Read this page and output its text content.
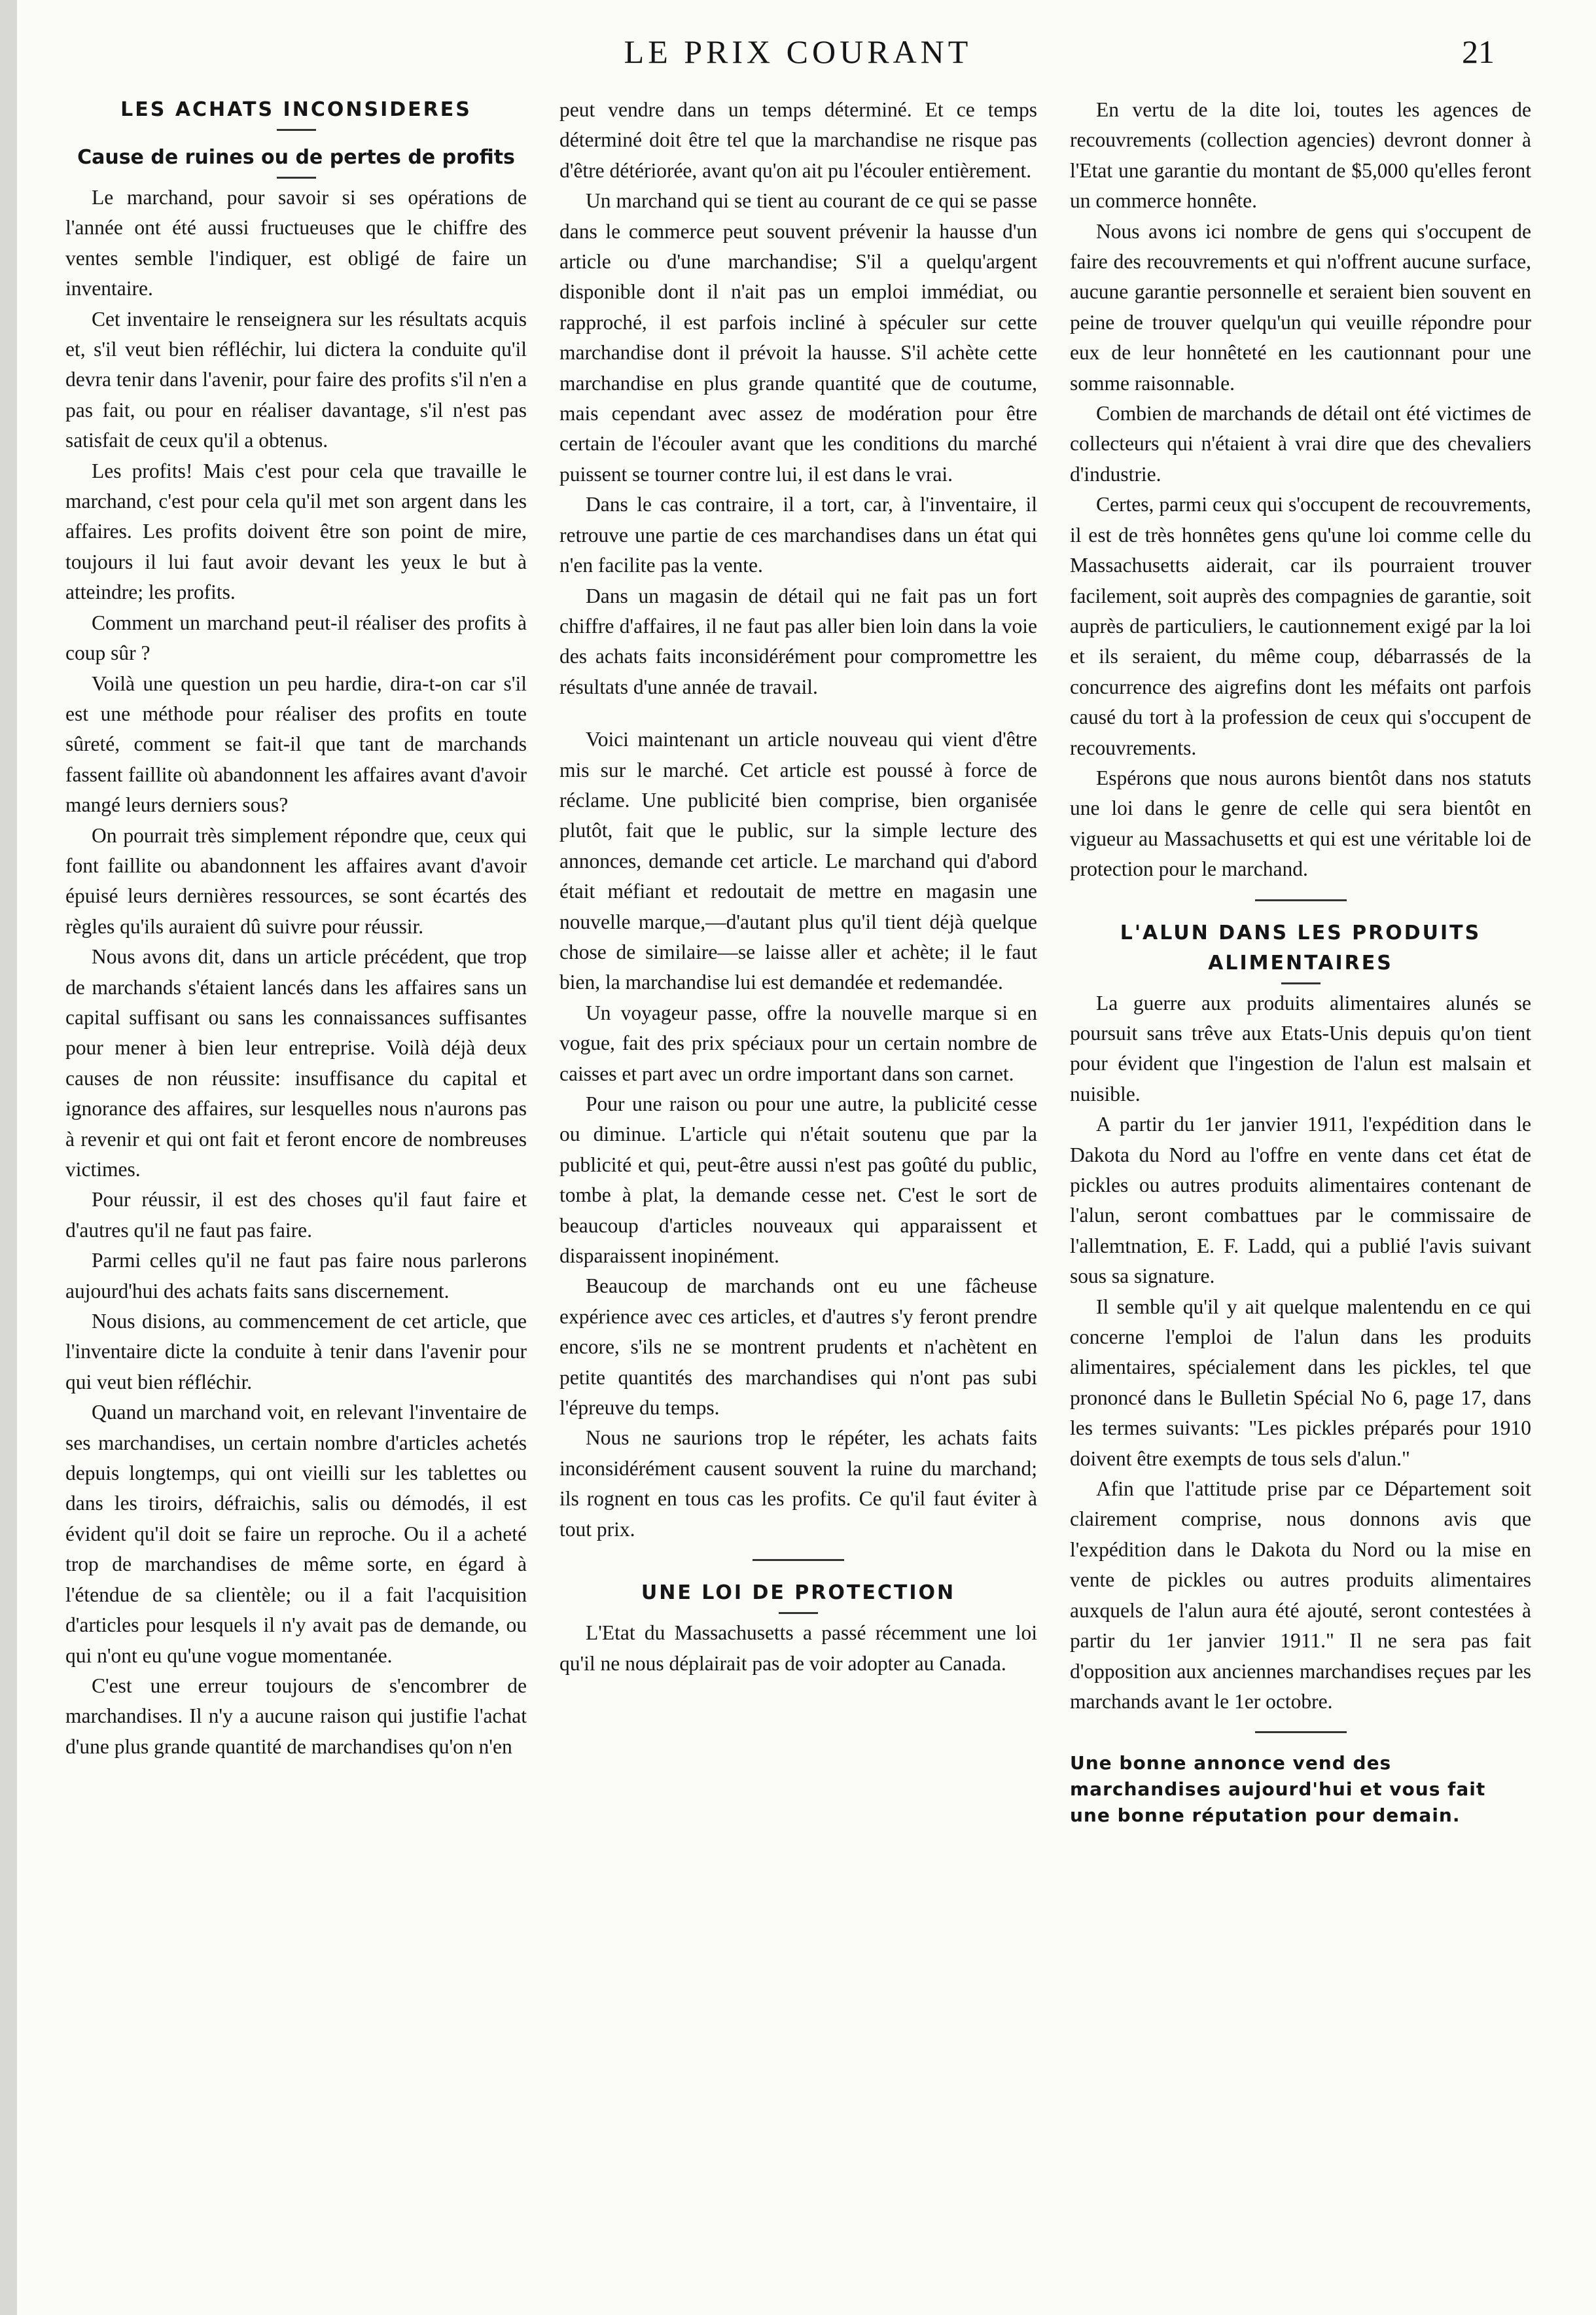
LE PRIX COURANT	21
LES ACHATS INCONSIDERES
Cause de ruines ou de pertes de profits

Le marchand, pour savoir si ses opérations de l'année ont été aussi fructueuses que le chiffre des ventes semble l'indiquer, est obligé de faire un inventaire.

Cet inventaire le renseignera sur les résultats acquis et, s'il veut bien réfléchir, lui dictera la conduite qu'il devra tenir dans l'avenir, pour faire des profits s'il n'en a pas fait, ou pour en réaliser davantage, s'il n'est pas satisfait de ceux qu'il a obtenus.

Les profits! Mais c'est pour cela que travaille le marchand, c'est pour cela qu'il met son argent dans les affaires. Les profits doivent être son point de mire, toujours il lui faut avoir devant les yeux le but à atteindre; les profits.

Comment un marchand peut-il réaliser des profits à coup sûr ?

Voilà une question un peu hardie, dira-t-on car s'il est une méthode pour réaliser des profits en toute sûreté, comment se fait-il que tant de marchands fassent faillite où abandonnent les affaires avant d'avoir mangé leurs derniers sous?

On pourrait très simplement répondre que, ceux qui font faillite ou abandonnent les affaires avant d'avoir épuisé leurs dernières ressources, se sont écartés des règles qu'ils auraient dû suivre pour réussir.

Nous avons dit, dans un article précédent, que trop de marchands s'étaient lancés dans les affaires sans un capital suffisant ou sans les connaissances suffisantes pour mener à bien leur entreprise. Voilà déjà deux causes de non réussite: insuffisance du capital et ignorance des affaires, sur lesquelles nous n'aurons pas à revenir et qui ont fait et feront encore de nombreuses victimes.

Pour réussir, il est des choses qu'il faut faire et d'autres qu'il ne faut pas faire.

Parmi celles qu'il ne faut pas faire nous parlerons aujourd'hui des achats faits sans discernement.

Nous disions, au commencement de cet article, que l'inventaire dicte la conduite à tenir dans l'avenir pour qui veut bien réfléchir.

Quand un marchand voit, en relevant l'inventaire de ses marchandises, un certain nombre d'articles achetés depuis longtemps, qui ont vieilli sur les tablettes ou dans les tiroirs, défraichis, salis ou démodés, il est évident qu'il doit se faire un reproche. Ou il a acheté trop de marchandises de même sorte, en égard à l'étendue de sa clientèle; ou il a fait l'acquisition d'articles pour lesquels il n'y avait pas de demande, ou qui n'ont eu qu'une vogue momentanée.

C'est une erreur toujours de s'encombrer de marchandises. Il n'y a aucune raison qui justifie l'achat d'une plus grande quantité de marchandises qu'on n'en

peut vendre dans un temps déterminé. Et ce temps déterminé doit être tel que la marchandise ne risque pas d'être détériorée, avant qu'on ait pu l'écouler entièrement.

Un marchand qui se tient au courant de ce qui se passe dans le commerce peut souvent prévenir la hausse d'un article ou d'une marchandise; S'il a quelqu'argent disponible dont il n'ait pas un emploi immédiat, ou rapproché, il est parfois incliné à spéculer sur cette marchandise dont il prévoit la hausse. S'il achète cette marchandise en plus grande quantité que de coutume, mais cependant avec assez de modération pour être certain de l'écouler avant que les conditions du marché puissent se tourner contre lui, il est dans le vrai.

Dans le cas contraire, il a tort, car, à l'inventaire, il retrouve une partie de ces marchandises dans un état qui n'en facilite pas la vente.

Dans un magasin de détail qui ne fait pas un fort chiffre d'affaires, il ne faut pas aller bien loin dans la voie des achats faits inconsidérément pour compromettre les résultats d'une année de travail.

Voici maintenant un article nouveau qui vient d'être mis sur le marché. Cet article est poussé à force de réclame. Une publicité bien comprise, bien organisée plutôt, fait que le public, sur la simple lecture des annonces, demande cet article. Le marchand qui d'abord était méfiant et redoutait de mettre en magasin une nouvelle marque,—d'autant plus qu'il tient déjà quelque chose de similaire—se laisse aller et achète; il le faut bien, la marchandise lui est demandée et redemandée.

Un voyageur passe, offre la nouvelle marque si en vogue, fait des prix spéciaux pour un certain nombre de caisses et part avec un ordre important dans son carnet.

Pour une raison ou pour une autre, la publicité cesse ou diminue. L'article qui n'était soutenu que par la publicité et qui, peut-être aussi n'est pas goûté du public, tombe à plat, la demande cesse net. C'est le sort de beaucoup d'articles nouveaux qui apparaissent et disparaissent inopinément.

Beaucoup de marchands ont eu une fâcheuse expérience avec ces articles, et d'autres s'y feront prendre encore, s'ils ne se montrent prudents et n'achètent en petite quantités des marchandises qui n'ont pas subi l'épreuve du temps.

Nous ne saurions trop le répéter, les achats faits inconsidérément causent souvent la ruine du marchand; ils rognent en tous cas les profits. Ce qu'il faut éviter à tout prix.

UNE LOI DE PROTECTION

L'Etat du Massachusetts a passé récemment une loi qu'il ne nous déplairait pas de voir adopter au Canada.

En vertu de la dite loi, toutes les agences de recouvrements (collection agencies) devront donner à l'Etat une garantie du montant de $5,000 qu'elles feront un commerce honnête.

Nous avons ici nombre de gens qui s'occupent de faire des recouvrements et qui n'offrent aucune surface, aucune garantie personnelle et seraient bien souvent en peine de trouver quelqu'un qui veuille répondre pour eux de leur honnêteté en les cautionnant pour une somme raisonnable.

Combien de marchands de détail ont été victimes de collecteurs qui n'étaient à vrai dire que des chevaliers d'industrie.

Certes, parmi ceux qui s'occupent de recouvrements, il est de très honnêtes gens qu'une loi comme celle du Massachusetts aiderait, car ils pourraient trouver facilement, soit auprès des compagnies de garantie, soit auprès de particuliers, le cautionnement exigé par la loi et ils seraient, du même coup, débarrassés de la concurrence des aigrefins dont les méfaits ont parfois causé du tort à la profession de ceux qui s'occupent de recouvrements.

Espérons que nous aurons bientôt dans nos statuts une loi dans le genre de celle qui sera bientôt en vigueur au Massachusetts et qui est une véritable loi de protection pour le marchand.

L'ALUN DANS LES PRODUITS ALIMENTAIRES

La guerre aux produits alimentaires alunés se poursuit sans trêve aux Etats-Unis depuis qu'on tient pour évident que l'ingestion de l'alun est malsain et nuisible.

A partir du 1er janvier 1911, l'expédition dans le Dakota du Nord au l'offre en vente dans cet état de pickles ou autres produits alimentaires contenant de l'alun, seront combattues par le commissaire de l'allemtnation, E. F. Ladd, qui a publié l'avis suivant sous sa signature.

Il semble qu'il y ait quelque malentendu en ce qui concerne l'emploi de l'alun dans les produits alimentaires, spécialement dans les pickles, tel que prononcé dans le Bulletin Spécial No 6, page 17, dans les termes suivants: "Les pickles préparés pour 1910 doivent être exempts de tous sels d'alun."

Afin que l'attitude prise par ce Département soit clairement comprise, nous donnons avis que l'expédition dans le Dakota du Nord ou la mise en vente de pickles ou autres produits alimentaires auxquels de l'alun aura été ajouté, seront contestées à partir du 1er janvier 1911." Il ne sera pas fait d'opposition aux anciennes marchandises reçues par les marchands avant le 1er octobre.

Une bonne annonce vend des marchandises aujourd'hui et vous fait une bonne réputation pour demain.
